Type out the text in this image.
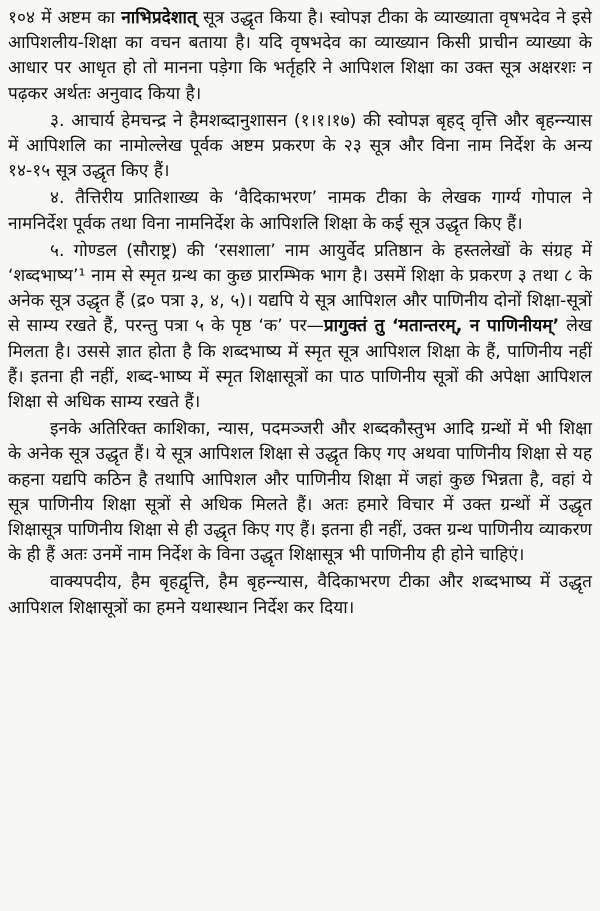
१०४ में अष्टम का नाभिप्रदेशात् सूत्र उद्धृत किया है। स्वोपज्ञ टीका के व्याख्याता वृषभदेव ने इसे आपिशलीय-शिक्षा का वचन बताया है। यदि वृषभदेव का व्याख्यान किसी प्राचीन व्याख्या के आधार पर आधृत हो तो मानना पड़ेगा कि भर्तृहरि ने आपिशल शिक्षा का उक्त सूत्र अक्षरशः न पढ़कर अर्थतः अनुवाद किया है।

३. आचार्य हेमचन्द्र ने हैमशब्दानुशासन (१।१।१७) की स्वोपज्ञ बृहद् वृत्ति और बृहन्न्यास में आपिशलि का नामोल्लेख पूर्वक अष्टम प्रकरण के २३ सूत्र और विना नाम निर्देश के अन्य १४-१५ सूत्र उद्धृत किए हैं।

४. तैत्तिरीय प्रातिशाख्य के ‘वैदिकाभरण’ नामक टीका के लेखक गार्ग्य गोपाल ने नामनिर्देश पूर्वक तथा विना नामनिर्देश के आपिशलि शिक्षा के कई सूत्र उद्धृत किए हैं।

५. गोण्डल (सौराष्ट्र) की ‘रसशाला’ नाम आयुर्वेद प्रतिष्ठान के हस्तलेखों के संग्रह में ‘शब्दभाष्य’¹ नाम से स्मृत ग्रन्थ का कुछ प्रारम्भिक भाग है। उसमें शिक्षा के प्रकरण ३ तथा ८ के अनेक सूत्र उद्धृत हैं (द्र० पत्रा ३, ४, ५)। यद्यपि ये सूत्र आपिशल और पाणिनीय दोनों शिक्षा-सूत्रों से साम्य रखते हैं, परन्तु पत्रा ५ के पृष्ठ ‘क’ पर—प्रागुक्तं तु ‘मतान्तरम्, न पाणिनीयम्’ लेख मिलता है। उससे ज्ञात होता है कि शब्दभाष्य में स्मृत सूत्र आपिशल शिक्षा के हैं, पाणिनीय नहीं हैं। इतना ही नहीं, शब्द-भाष्य में स्मृत शिक्षासूत्रों का पाठ पाणिनीय सूत्रों की अपेक्षा आपिशल शिक्षा से अधिक साम्य रखते हैं।

इनके अतिरिक्त काशिका, न्यास, पदमञ्जरी और शब्दकौस्तुभ आदि ग्रन्थों में भी शिक्षा के अनेक सूत्र उद्धृत हैं। ये सूत्र आपिशल शिक्षा से उद्धृत किए गए अथवा पाणिनीय शिक्षा से यह कहना यद्यपि कठिन है तथापि आपिशल और पाणिनीय शिक्षा में जहां कुछ भिन्नता है, वहां ये सूत्र पाणिनीय शिक्षा सूत्रों से अधिक मिलते हैं। अतः हमारे विचार में उक्त ग्रन्थों में उद्धृत शिक्षासूत्र पाणिनीय शिक्षा से ही उद्धृत किए गए हैं। इतना ही नहीं, उक्त ग्रन्थ पाणिनीय व्याकरण के ही हैं अतः उनमें नाम निर्देश के विना उद्धृत शिक्षासूत्र भी पाणिनीय ही होने चाहिएं।

वाक्यपदीय, हैम बृहद्वृत्ति, हैम बृहन्न्यास, वैदिकाभरण टीका और शब्दभाष्य में उद्धृत आपिशल शिक्षासूत्रों का हमने यथास्थान निर्देश कर दिया।
